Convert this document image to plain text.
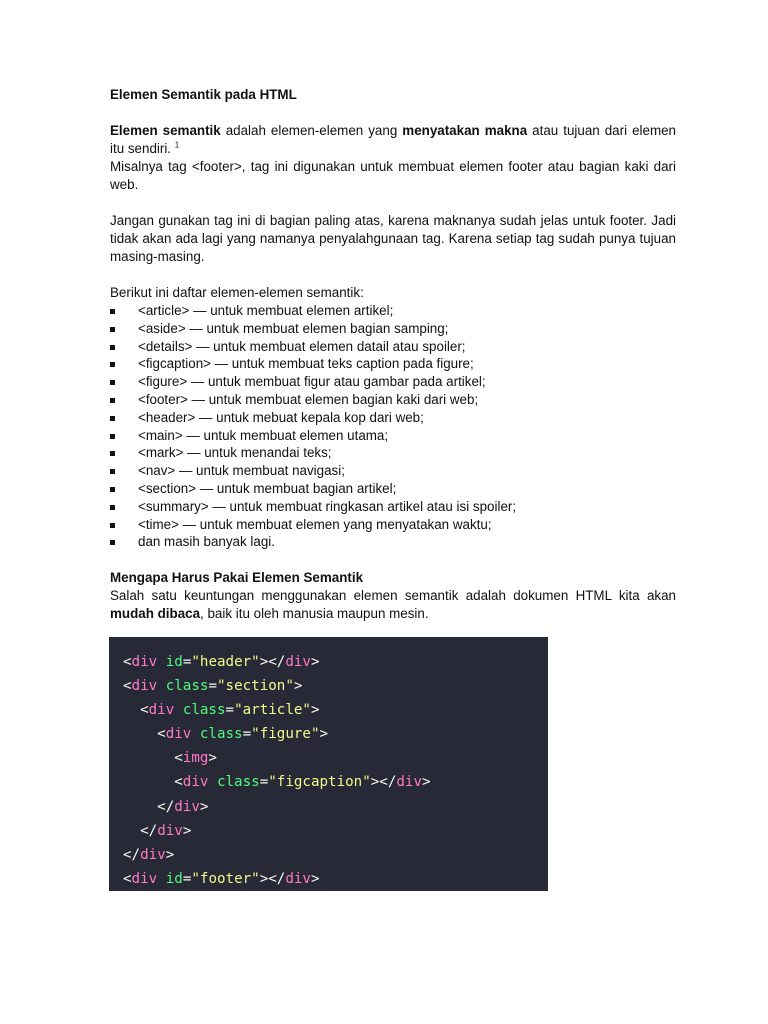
Elemen Semantik pada HTML

Elemen semantik adalah elemen-elemen yang menyatakan makna atau tujuan dari elemen itu sendiri. $^1$
Misalnya tag <footer>, tag ini digunakan untuk membuat elemen footer atau bagian kaki dari web.

Jangan gunakan tag ini di bagian paling atas, karena maknanya sudah jelas untuk footer. Jadi tidak akan ada lagi yang namanya penyalahgunaan tag. Karena setiap tag sudah punya tujuan masing-masing.

Berikut ini daftar elemen-elemen semantik:

<article> — untuk membuat elemen artikel;
<aside> — untuk membuat elemen bagian samping;
<details> — untuk membuat elemen datail atau spoiler;
<figcaption> — untuk membuat teks caption pada figure;
<figure> — untuk membuat figur atau gambar pada artikel;
<footer> — untuk membuat elemen bagian kaki dari web;
<header> — untuk mebuat kepala kop dari web;
<main> — untuk membuat elemen utama;
<mark> — untuk menandai teks;
<nav> — untuk membuat navigasi;
<section> — untuk membuat bagian artikel;
<summary> — untuk membuat ringkasan artikel atau isi spoiler;
<time> — untuk membuat elemen yang menyatakan waktu;
dan masih banyak lagi.

Mengapa Harus Pakai Elemen Semantik

Salah satu keuntungan menggunakan elemen semantik adalah dokumen HTML kita akan mudah dibaca, baik itu oleh manusia maupun mesin.

<div id="header"></div>
<div class="section">
<div class="article">
<div class="figure">
<img>
<div class="figcaption"></div>
</div>
</div>
</div>
<div id="footer"></div>
